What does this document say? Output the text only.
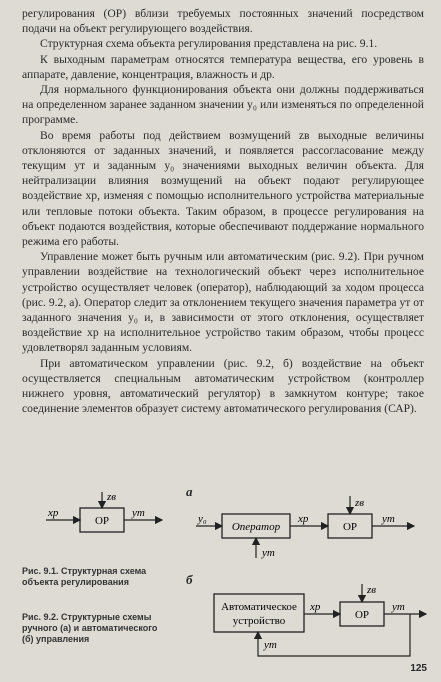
регулирования (ОР) вблизи требуемых постоянных значений посредством подачи на объект регулирующего воздействия.

Структурная схема объекта регулирования представлена на рис. 9.1.

К выходным параметрам относятся температура вещества, его уровень в аппарате, давление, концентрация, влажность и др.

Для нормального функционирования объекта они должны поддерживаться на определенном заранее заданном значении y₀ или изменяться по определенной программе.

Во время работы под действием возмущений zв выходные величины отклоняются от заданных значений, и появляется рассогласование между текущим yт и заданным y₀ значениями выходных величин объекта. Для нейтрализации влияния возмущений на объект подают регулирующее воздействие xр, изменяя с помощью исполнительного устройства материальные или тепловые потоки объекта. Таким образом, в процессе регулирования на объект подаются воздействия, которые обеспечивают поддержание нормального режима его работы.

Управление может быть ручным или автоматическим (рис. 9.2). При ручном управлении воздействие на технологический объект через исполнительное устройство осуществляет человек (оператор), наблюдающий за ходом процесса (рис. 9.2, а). Оператор следит за отклонением текущего значения параметра yт от заданного значения y₀ и, в зависимости от этого отклонения, осуществляет воздействие xр на исполнительное устройство таким образом, чтобы процесс удовлетворял заданным условиям.

При автоматическом управлении (рис. 9.2, б) воздействие на объект осуществляется специальным автоматическим устройством (контроллер нижнего уровня, автоматический регулятор) в замкнутом контуре; такое соединение элементов образует систему автоматического регулирования (САР).

ОР
xр	yт
zв
Рис. 9.1. Структурная схема объекта регулирования
а
Оператор	ОР
y₀	xр	yт
zв
yт
б
Автоматическое
устройство	ОР
xр	yт
zв
yт
Рис. 9.2. Структурные схемы ручного (а) и автоматического (б) управления
125
